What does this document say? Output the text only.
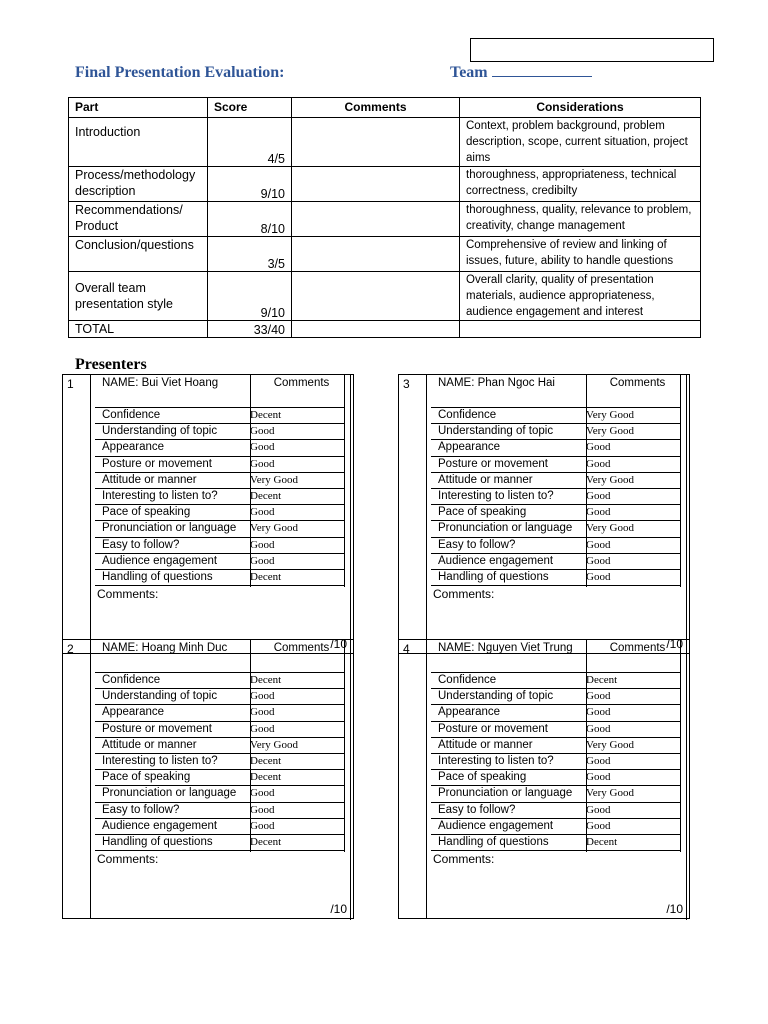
Final Presentation Evaluation:	Team
Part	Score	Comments	Considerations
Introduction	4/5		Context, problem background, problem description, scope, current situation, project aims
Process/methodology description	9/10		thoroughness, appropriateness, technical correctness, credibilty
Recommendations/ Product	8/10		thoroughness, quality, relevance to problem, creativity, change management
Conclusion/questions	3/5		Comprehensive of review and linking of issues, future, ability to handle questions
Overall team presentation style	9/10		Overall clarity, quality of presentation materials, audience appropriateness, audience engagement and interest
TOTAL	33/40		
Presenters
1 NAME: Bui Viet Hoang	Comments
Confidence	Decent
Understanding of topic	Good
Appearance	Good
Posture or movement	Good
Attitude or manner	Very Good
Interesting to listen to?	Decent
Pace of speaking	Good
Pronunciation or language Very Good
Easy to follow?	Good
Audience engagement	Good
Handling of questions	Decent
Comments:
/10
3 NAME: Phan Ngoc Hai	Comments
Confidence	Very Good
Understanding of topic	Very Good
Appearance	Good
Posture or movement	Good
Attitude or manner	Very Good
Interesting to listen to?	Good
Pace of speaking	Good
Pronunciation or language Very Good
Easy to follow?	Good
Audience engagement	Good
Handling of questions	Good
Comments:
/10
2 NAME: Hoang Minh Duc	Comments
Confidence	Decent
Understanding of topic	Good
Appearance	Good
Posture or movement	Good
Attitude or manner	Very Good
Interesting to listen to?	Decent
Pace of speaking	Decent
Pronunciation or language Good
Easy to follow?	Good
Audience engagement	Good
Handling of questions	Decent
Comments:
/10
4 NAME: Nguyen Viet Trung	Comments
Confidence	Decent
Understanding of topic	Good
Appearance	Good
Posture or movement	Good
Attitude or manner	Very Good
Interesting to listen to?	Good
Pace of speaking	Good
Pronunciation or language Very Good
Easy to follow?	Good
Audience engagement	Good
Handling of questions	Decent
Comments:
/10
